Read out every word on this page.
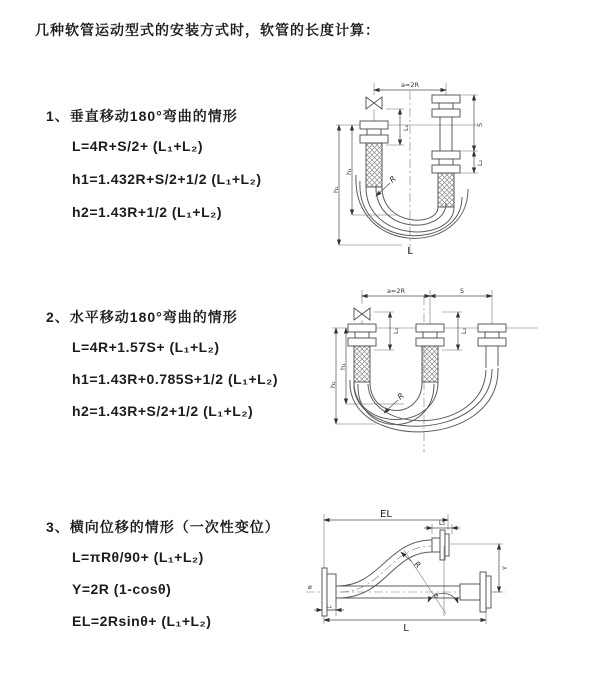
几种软管运动型式的安装方式时，软管的长度计算：
1、垂直移动180°弯曲的情形
L=4R+S/2+ (L₁+L₂)
h1=1.432R+S/2+1/2 (L₁+L₂)
h2=1.43R+1/2 (L₁+L₂)
2、水平移动180°弯曲的情形
L=4R+1.57S+ (L₁+L₂)
h1=1.43R+0.785S+1/2 (L₁+L₂)
h2=1.43R+S/2+1/2 (L₁+L₂)
3、横向位移的情形（一次性变位）
L=πRθ/90+ (L₁+L₂)
Y=2R (1-cosθ)
EL=2Rsinθ+ (L₁+L₂)
a=2R
R
L₁	S
L₂
h₁
h₂
L
a=2R	S
R
L₁	L₂
h₁
h₂
⌀
R
θ
EL
L₂
Y
L₁
L
